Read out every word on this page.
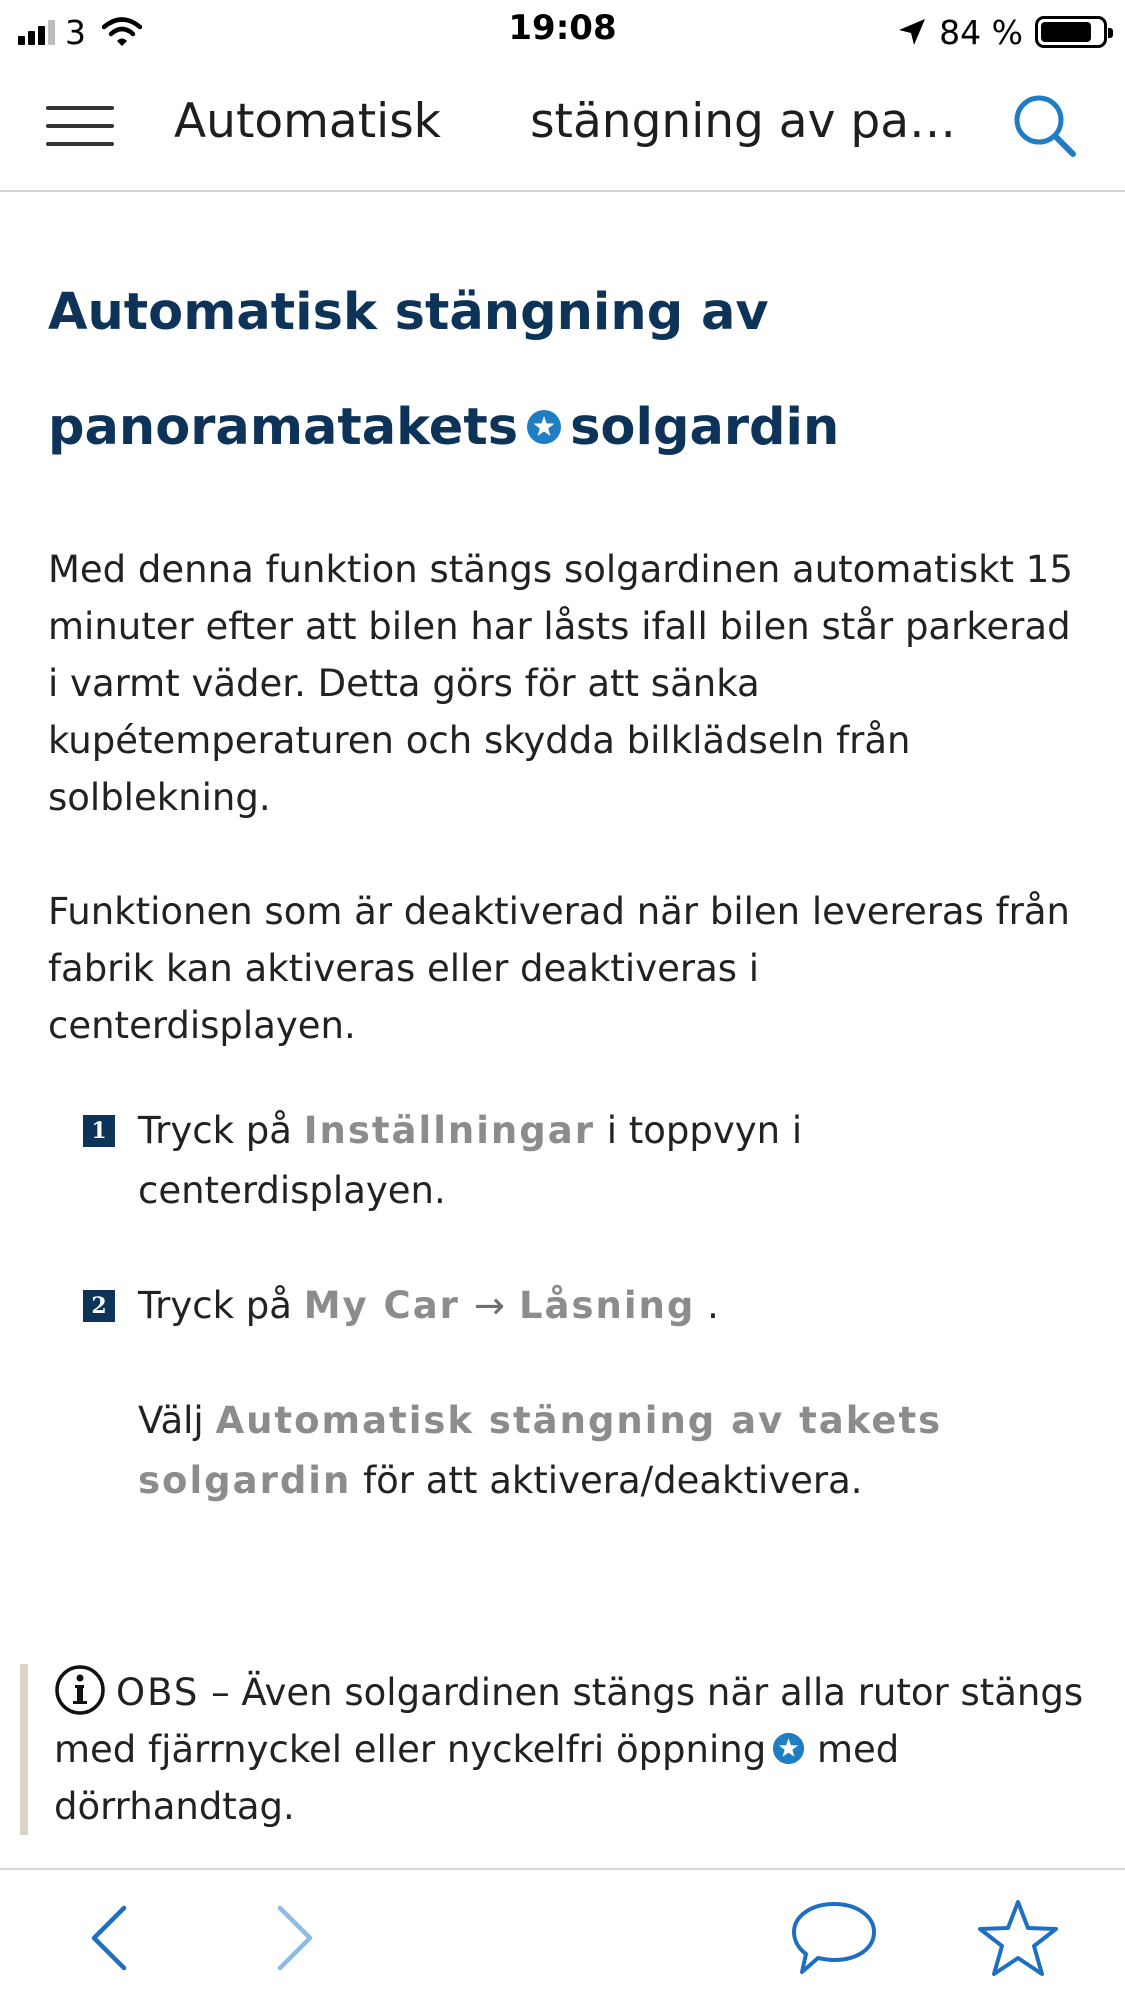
3	19:08	84 %
Automatisk stängning av pa…
Automatisk stängning av
panoramatakets solgardin

Med denna funktion stängs solgardinen automatiskt 15 minuter efter att bilen har låsts ifall bilen står parkerad i varmt väder. Detta görs för att sänka kupétemperaturen och skydda bilklädseln från solblekning.

Funktionen som är deaktiverad när bilen levereras från fabrik kan aktiveras eller deaktiveras i centerdisplayen.

1 Tryck på Inställningar i toppvyn i centerdisplayen.
2 Tryck på My Car → Låsning .
Välj Automatisk stängning av takets solgardin för att aktivera/deaktivera.
OBS – Även solgardinen stängs när alla rutor stängs med fjärrnyckel eller nyckelfri öppning med dörrhandtag.
